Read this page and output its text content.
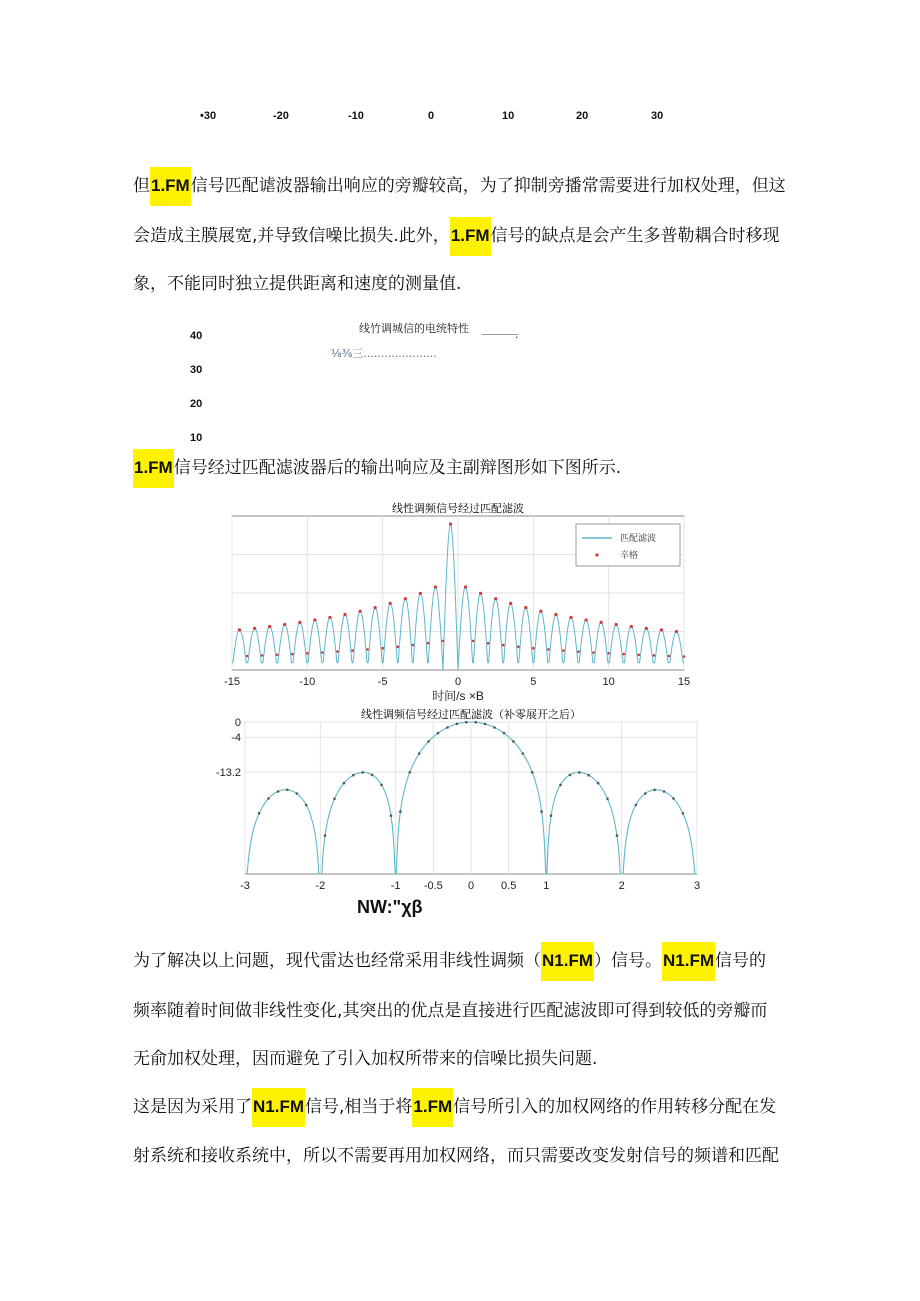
•30	-20	-10	0	10	20	30
但1.FM信号匹配谑波器输出响应的旁瓣较高，为了抑制旁播常需要进行加权处理，但这
会造成主膜展宽,并导致信噪比损失.此外，1.FM信号的缺点是会产生多普勒耦合时移现
象，不能同时独立提供距离和速度的测量值.
线竹调城信的电统特性	.
⅛⅜三.....................
40
30
20
10
1.FM信号经过匹配滤波器后的输出响应及主副辩图形如下图所示.
线性调频信号经过匹配滤波
-15	-10	-5	0	5	10	15
时间/s ×B
匹配滤波
辛格
线性调频信号经过匹配滤波（补零展开之后）
-3	-2	-1 -0.5 0 0.5 1	2	3
0
-4
-13.2
NW:"χβ
为了解决以上问题，现代雷达也经常采用非线性调频（N1.FM）信号。N1.FM信号的
频率随着时间做非线性变化,其突出的优点是直接进行匹配滤波即可得到较低的旁瓣而
无俞加权处理，因而避免了引入加权所带来的信噪比损失问题.
这是因为采用了N1.FM信号,相当于将1.FM信号所引入的加权网络的作用转移分配在发
射系统和接收系统中，所以不需要再用加权网络，而只需要改变发射信号的频谱和匹配
